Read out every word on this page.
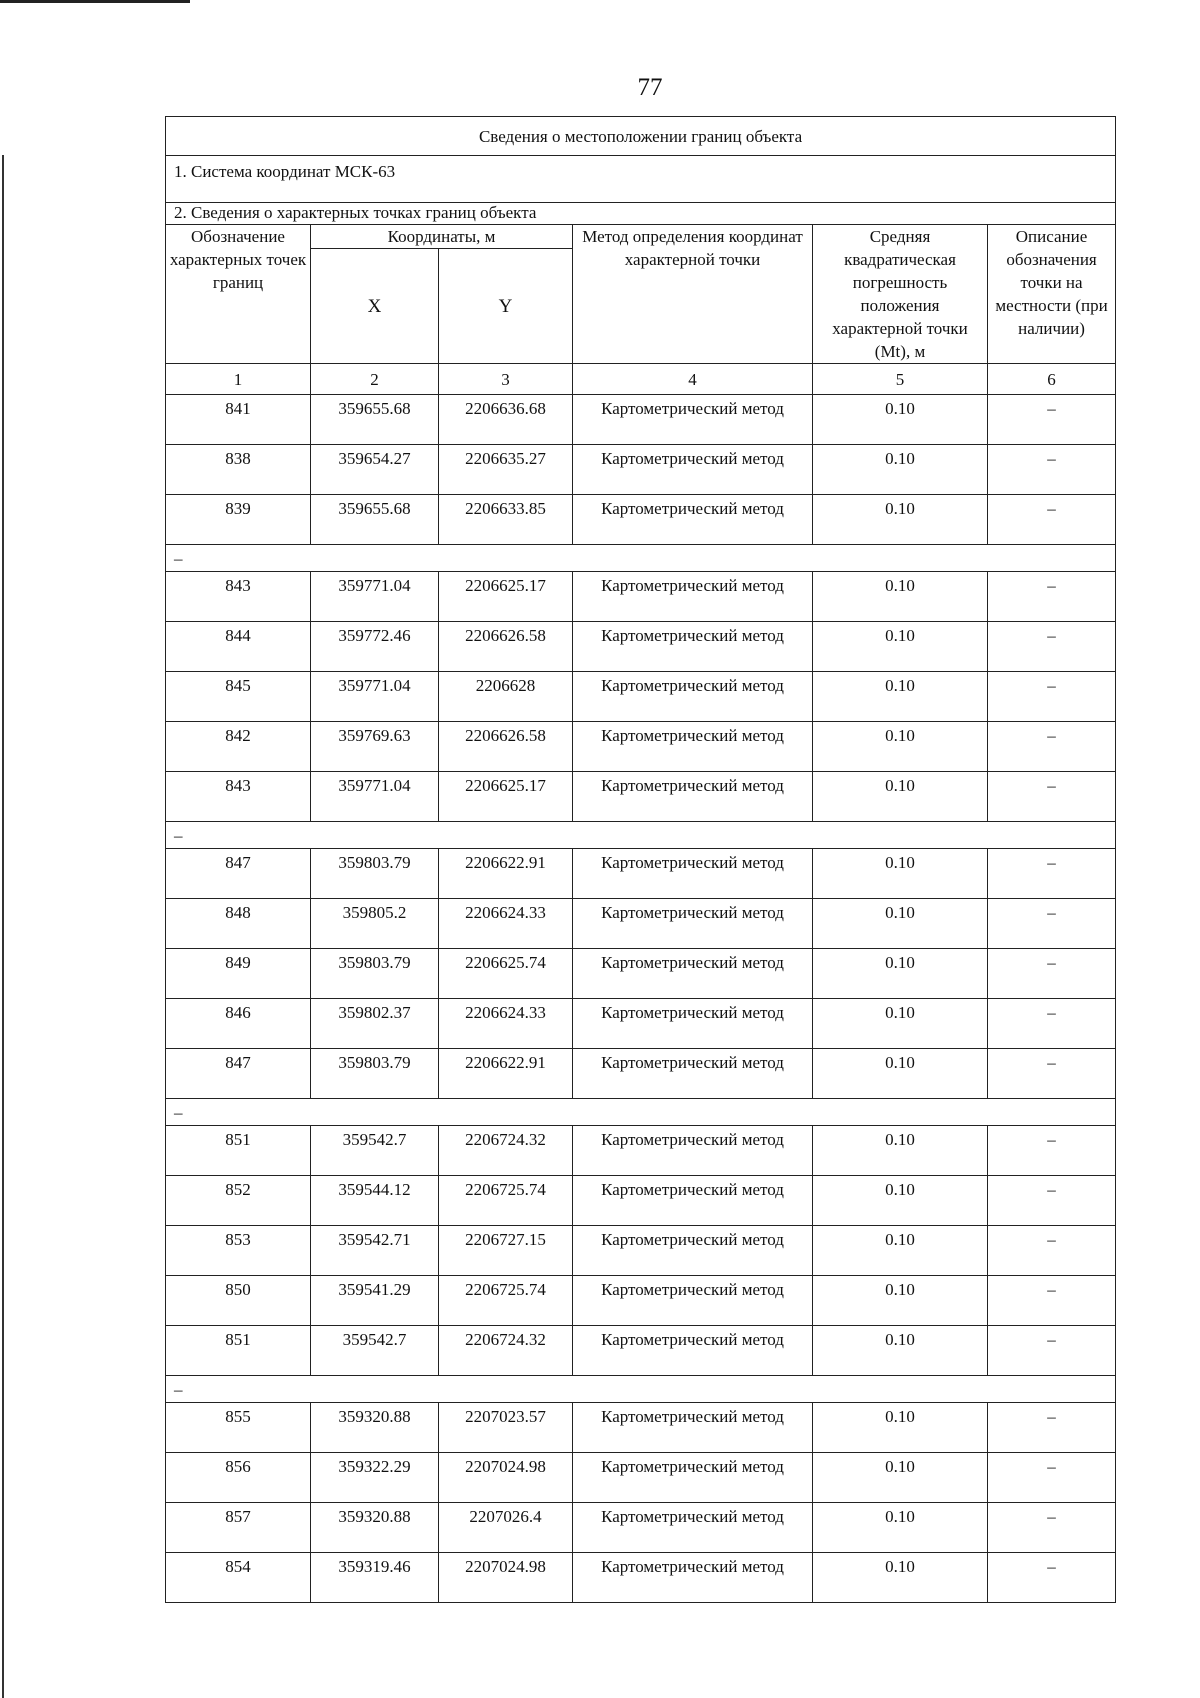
77
Сведения о местоположении границ объекта					
1. Система координат МСК-63					
2. Сведения о характерных точках границ объекта					
Обозначение характерных точек границ	Координаты, м		Метод определения координат характерной точки	Средняя квадратическая погрешность положения характерной точки (Mt), м	Описание обозначения точки на местности (при наличии)
	X	Y			
1	2	3	4	5	6
841	359655.68	2206636.68	Картометрический метод	0.10	–
838	359654.27	2206635.27	Картометрический метод	0.10	–
839	359655.68	2206633.85	Картометрический метод	0.10	–
–					
843	359771.04	2206625.17	Картометрический метод	0.10	–
844	359772.46	2206626.58	Картометрический метод	0.10	–
845	359771.04	2206628	Картометрический метод	0.10	–
842	359769.63	2206626.58	Картометрический метод	0.10	–
843	359771.04	2206625.17	Картометрический метод	0.10	–
–					
847	359803.79	2206622.91	Картометрический метод	0.10	–
848	359805.2	2206624.33	Картометрический метод	0.10	–
849	359803.79	2206625.74	Картометрический метод	0.10	–
846	359802.37	2206624.33	Картометрический метод	0.10	–
847	359803.79	2206622.91	Картометрический метод	0.10	–
–					
851	359542.7	2206724.32	Картометрический метод	0.10	–
852	359544.12	2206725.74	Картометрический метод	0.10	–
853	359542.71	2206727.15	Картометрический метод	0.10	–
850	359541.29	2206725.74	Картометрический метод	0.10	–
851	359542.7	2206724.32	Картометрический метод	0.10	–
–					
855	359320.88	2207023.57	Картометрический метод	0.10	–
856	359322.29	2207024.98	Картометрический метод	0.10	–
857	359320.88	2207026.4	Картометрический метод	0.10	–
854	359319.46	2207024.98	Картометрический метод	0.10	–
